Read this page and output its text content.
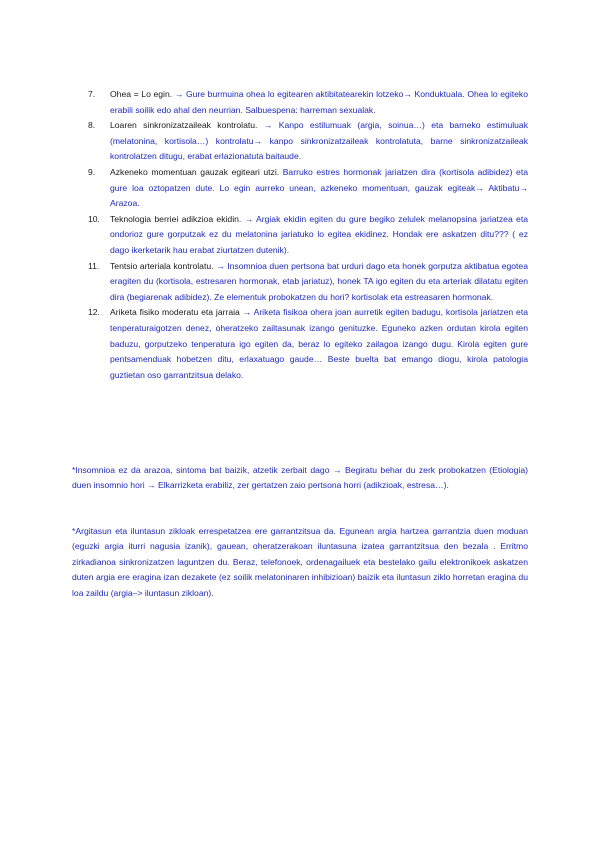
7.	Ohea = Lo egin. → Gure burmuina ohea lo egitearen aktibitatearekin lotzeko→ Konduktuala. Ohea lo egiteko erabili soilik edo ahal den neurrian. Salbuespena: harreman sexualak.
8.	Loaren sinkronizatzaileak kontrolatu. → Kanpo estilumuak (argia, soinua…) eta barneko estimuluak (melatonina, kortisola…) kontrolatu→ kanpo sinkronizatzaileak kontrolatuta, barne sinkronizatzaileak kontrolatzen ditugu, erabat erlazionatuta baitaude.
9.	Azkeneko momentuan gauzak egiteari utzi. Barruko estres hormonak jariatzen dira (kortisola adibidez) eta gure loa oztopatzen dute. Lo egin aurreko unean, azkeneko momentuan, gauzak egiteak→ Aktibatu→ Arazoa.
10.	Teknologia berriei adikzioa ekidin. → Argiak ekidin egiten du gure begiko zelulek melanopsina jariatzea eta ondorioz gure gorputzak ez du melatonina jariatuko lo egitea ekidinez. Hondak ere askatzen ditu??? ( ez dago ikerketarik hau erabat ziurtatzen dutenik).
11.	Tentsio arteriala kontrolatu. → Insomnioa duen pertsona bat urduri dago eta honek gorputza aktibatua egotea eragiten du (kortisola, estresaren hormonak, etab jariatuz), honek TA igo egiten du eta arteriak dilatatu egiten dira (begiarenak adibidez). Ze elementuk probokatzen du hori? kortisolak eta estreasaren hormonak.
12.	Ariketa fisiko moderatu eta jarraia → Ariketa fisikoa ohera joan aurretik egiten badugu, kortisola jariatzen eta tenperaturaigotzen denez, oheratzeko zailtasunak izango genituzke. Eguneko azken ordutan kirola egiten baduzu, gorputzeko tenperatura igo egiten da, beraz lo egiteko zailagoa izango dugu. Kirola egiten gure pentsamenduak hobetzen ditu, erlaxatuago gaude… Beste buelta bat emango diogu, kirola patologia guztietan oso garrantzitsua delako.

*Insomnioa ez da arazoa, sintoma bat baizik, atzetik zerbait dago → Begiratu behar du zerk probokatzen (Etiologia) duen insomnio hori → Elkarrizketa erabiliz, zer gertatzen zaio pertsona horri (adikzioak, estresa…).

*Argitasun eta iluntasun zikloak errespetatzea ere garrantzitsua da. Egunean argia hartzea garrantzia duen moduan (eguzki argia iturri nagusia izanik), gauean, oheratzerakoan iluntasuna izatea garrantzitsua den bezala . Erritmo zirkadianoa sinkronizatzen laguntzen du. Beraz, telefonoek, ordenagailuek eta bestelako gailu elektronikoek askatzen duten argia ere eragina izan dezakete (ez soilik melatoninaren inhibizioan) baizik eta iluntasun ziklo horretan eragina du loa zaildu (argia–> iluntasun zikloan).
